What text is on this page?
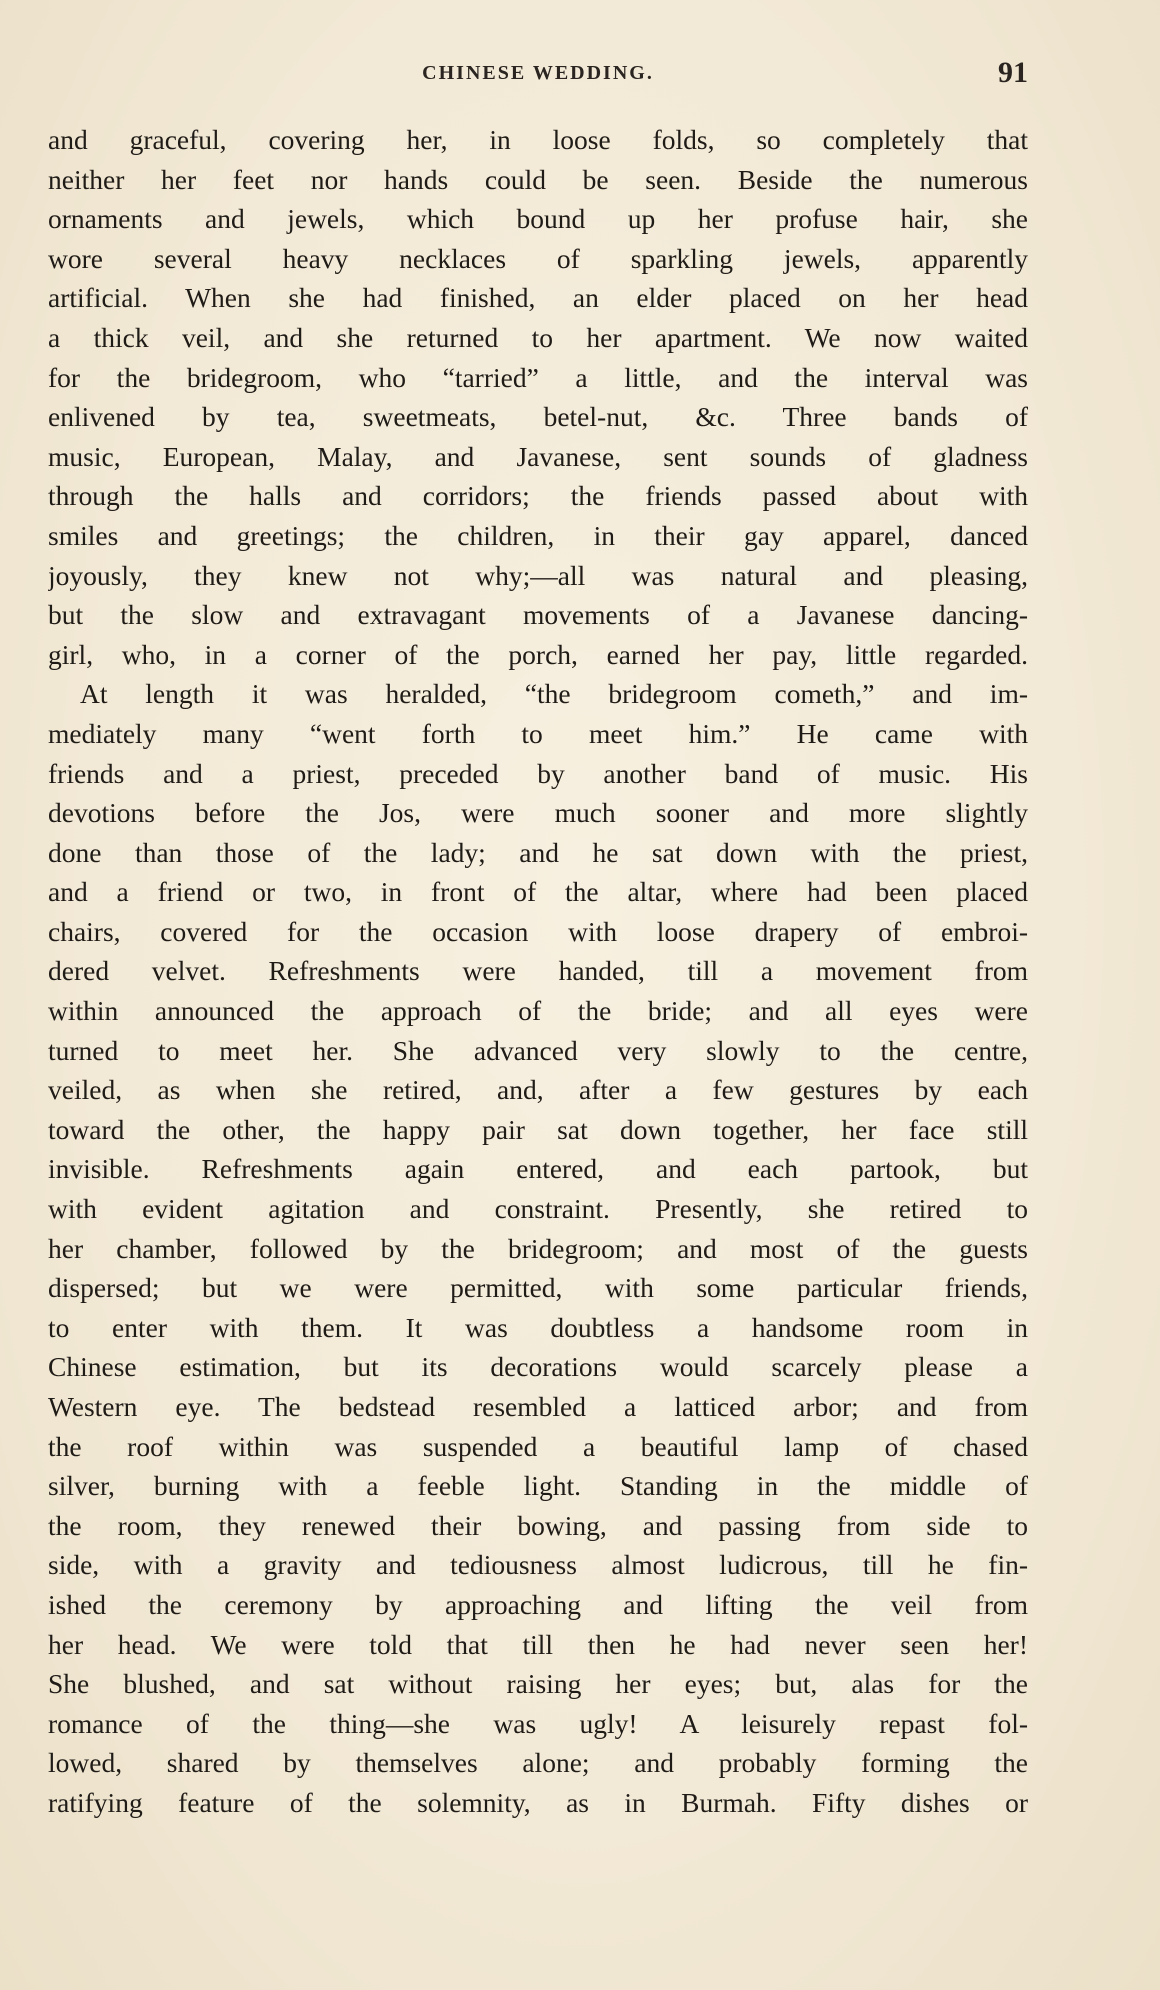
CHINESE WEDDING.	91
and graceful, covering her, in loose folds, so completely that
neither her feet nor hands could be seen. Beside the numerous
ornaments and jewels, which bound up her profuse hair, she
wore several heavy necklaces of sparkling jewels, apparently
artificial. When she had finished, an elder placed on her head
a thick veil, and she returned to her apartment. We now waited
for the bridegroom, who “tarried” a little, and the interval was
enlivened by tea, sweetmeats, betel-nut, &c. Three bands of
music, European, Malay, and Javanese, sent sounds of gladness
through the halls and corridors; the friends passed about with
smiles and greetings; the children, in their gay apparel, danced
joyously, they knew not why;—all was natural and pleasing,
but the slow and extravagant movements of a Javanese dancing-
girl, who, in a corner of the porch, earned her pay, little regarded.
At length it was heralded, “the bridegroom cometh,” and im-
mediately many “went forth to meet him.” He came with
friends and a priest, preceded by another band of music. His
devotions before the Jos, were much sooner and more slightly
done than those of the lady; and he sat down with the priest,
and a friend or two, in front of the altar, where had been placed
chairs, covered for the occasion with loose drapery of embroi-
dered velvet. Refreshments were handed, till a movement from
within announced the approach of the bride; and all eyes were
turned to meet her. She advanced very slowly to the centre,
veiled, as when she retired, and, after a few gestures by each
toward the other, the happy pair sat down together, her face still
invisible. Refreshments again entered, and each partook, but
with evident agitation and constraint. Presently, she retired to
her chamber, followed by the bridegroom; and most of the guests
dispersed; but we were permitted, with some particular friends,
to enter with them. It was doubtless a handsome room in
Chinese estimation, but its decorations would scarcely please a
Western eye. The bedstead resembled a latticed arbor; and from
the roof within was suspended a beautiful lamp of chased
silver, burning with a feeble light. Standing in the middle of
the room, they renewed their bowing, and passing from side to
side, with a gravity and tediousness almost ludicrous, till he fin-
ished the ceremony by approaching and lifting the veil from
her head. We were told that till then he had never seen her!
She blushed, and sat without raising her eyes; but, alas for the
romance of the thing—she was ugly! A leisurely repast fol-
lowed, shared by themselves alone; and probably forming the
ratifying feature of the solemnity, as in Burmah. Fifty dishes or
